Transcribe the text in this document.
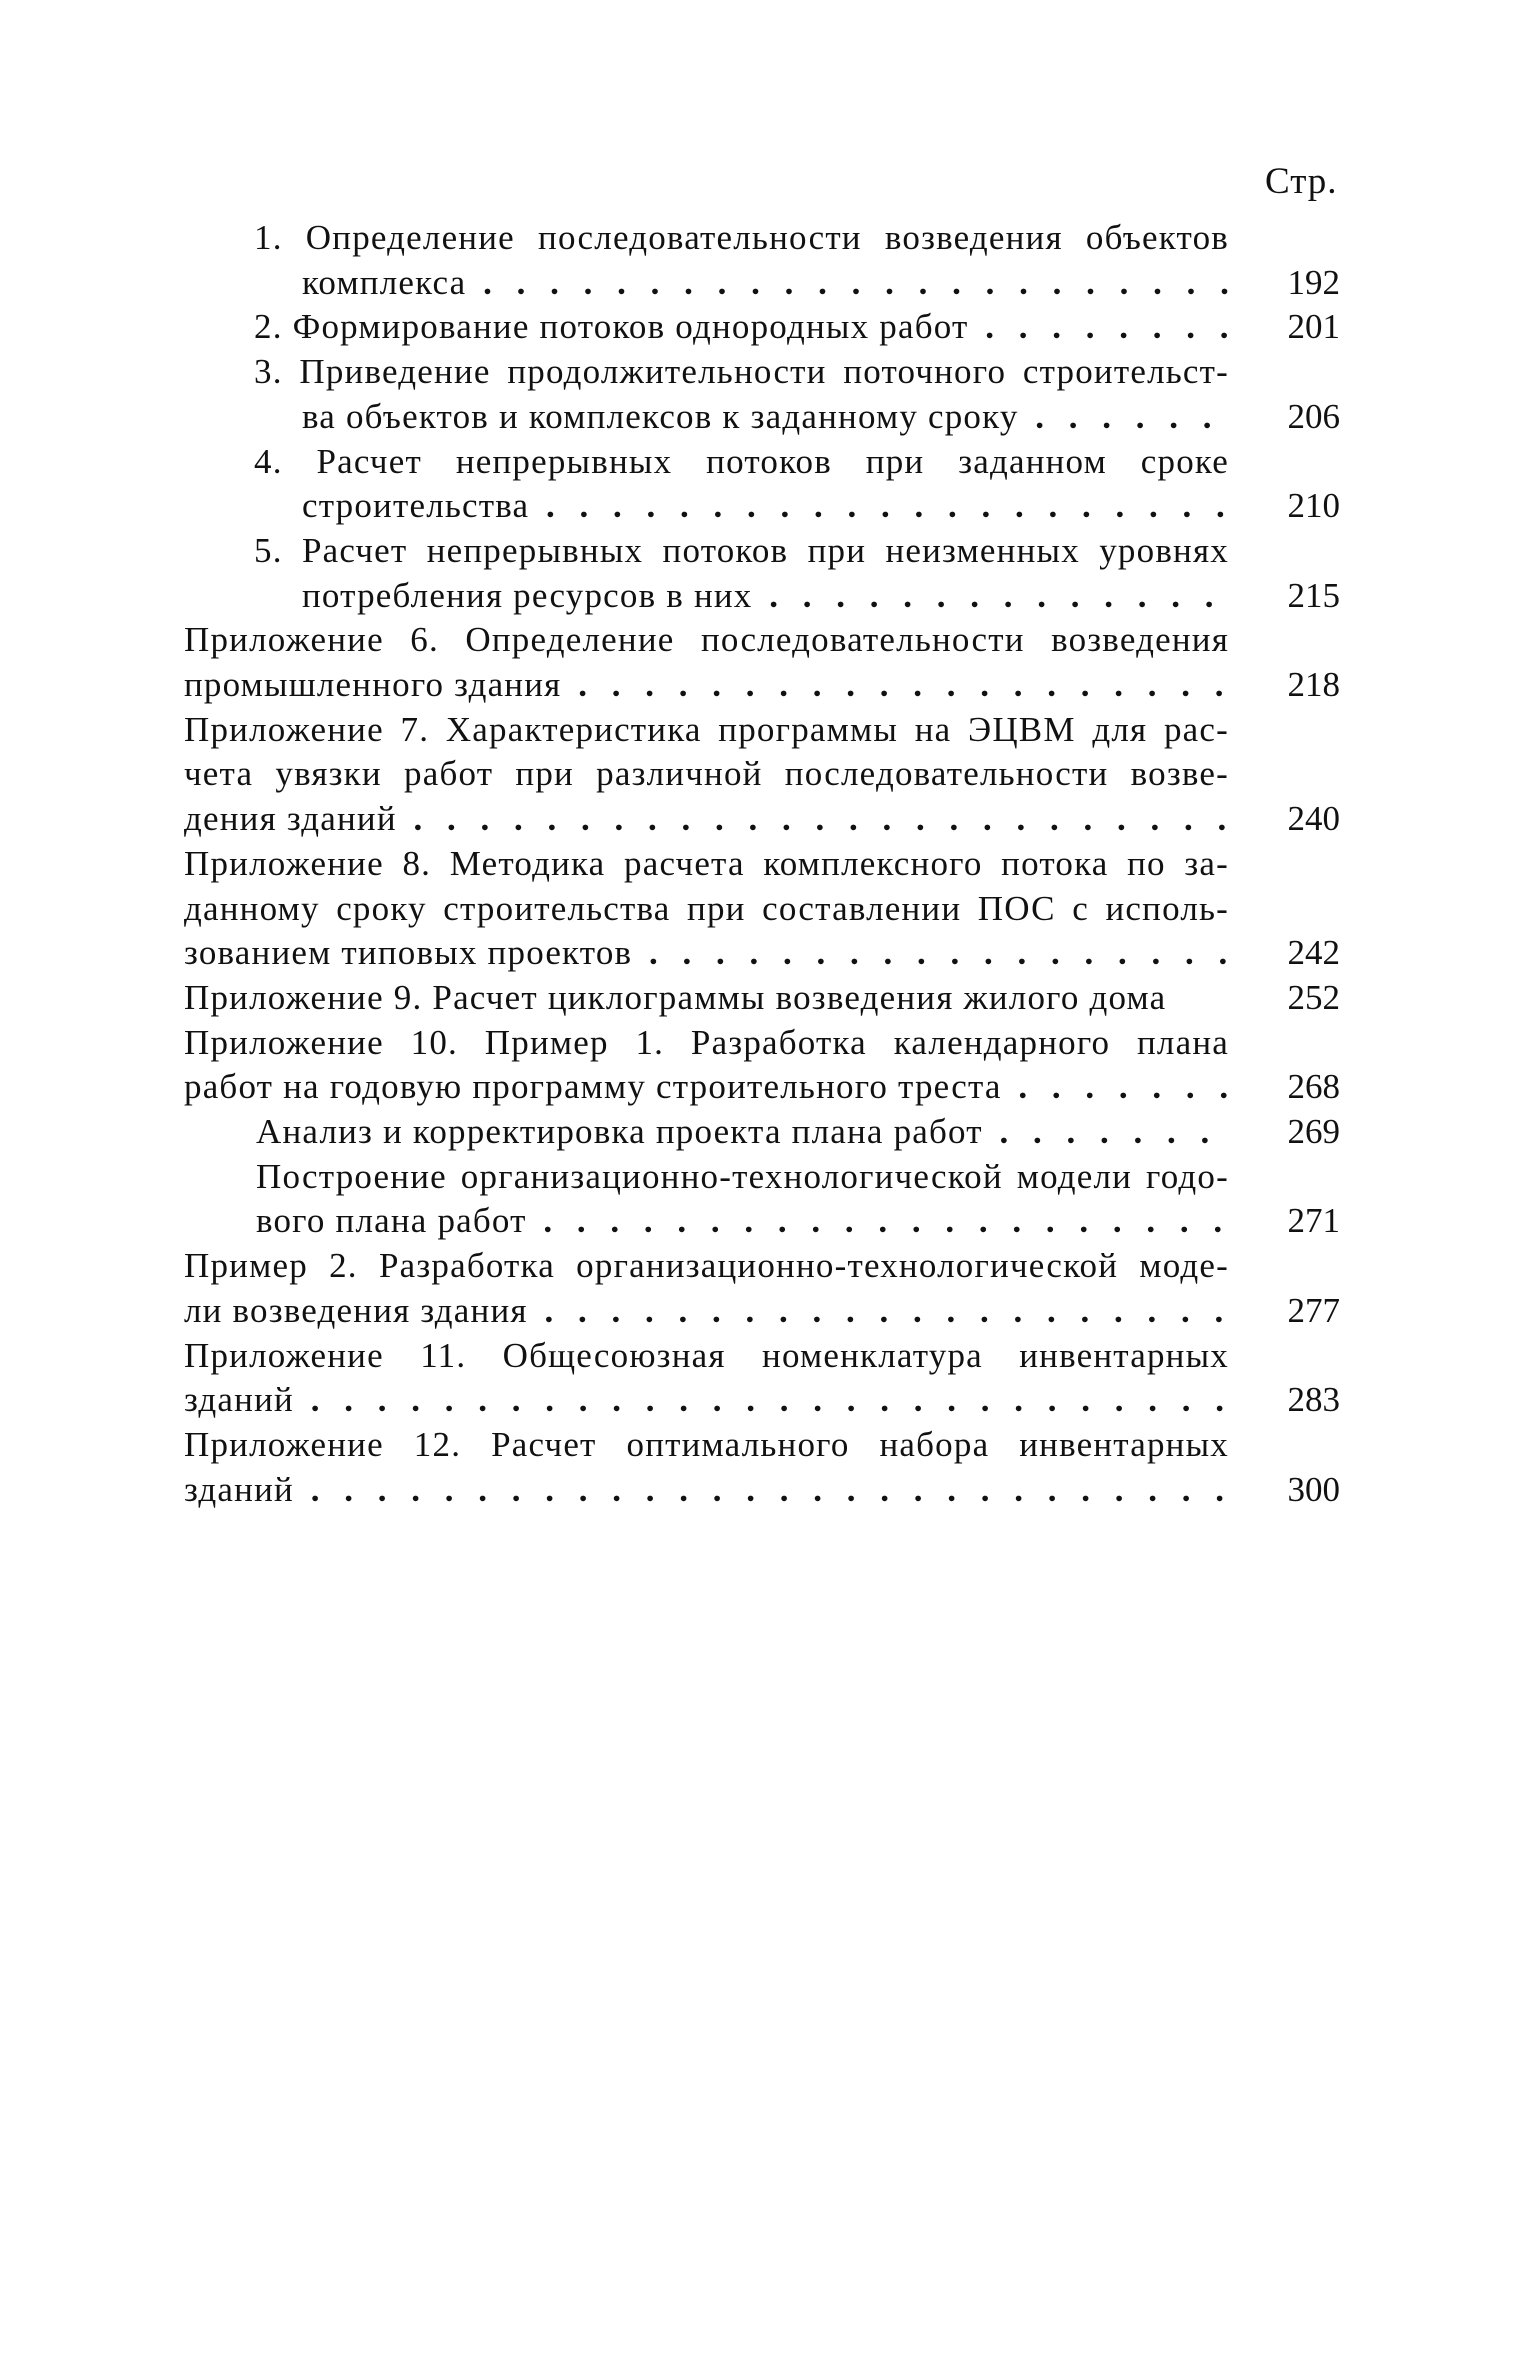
Стр.
1. Определение последовательности возведения объектов
комплекса . . .	192
2. Формирование потоков однородных работ . . .	201
3. Приведение продолжительности поточного строительст-
ва объектов и комплексов к заданному сроку . . .	206
4. Расчет непрерывных потоков при заданном сроке
строительства . . .	210
5. Расчет непрерывных потоков при неизменных уровнях
потребления ресурсов в них . . .	215
Приложение 6. Определение последовательности возведения
промышленного здания . . .	218
Приложение 7. Характеристика программы на ЭЦВМ для рас-
чета увязки работ при различной последовательности возве-
дения зданий . . .	240
Приложение 8. Методика расчета комплексного потока по за-
данному сроку строительства при составлении ПОС с исполь-
зованием типовых проектов . . .	242
Приложение 9. Расчет циклограммы возведения жилого дома	252
Приложение 10. Пример 1. Разработка календарного плана
работ на годовую программу строительного треста . . .	268
Анализ и корректировка проекта плана работ . . .	269
Построение организационно-технологической модели годо-
вого плана работ . . .	271
Пример 2. Разработка организационно-технологической моде-
ли возведения здания . . .	277
Приложение 11. Общесоюзная номенклатура инвентарных
зданий . . .	283
Приложение 12. Расчет оптимального набора инвентарных
зданий . . .	300
